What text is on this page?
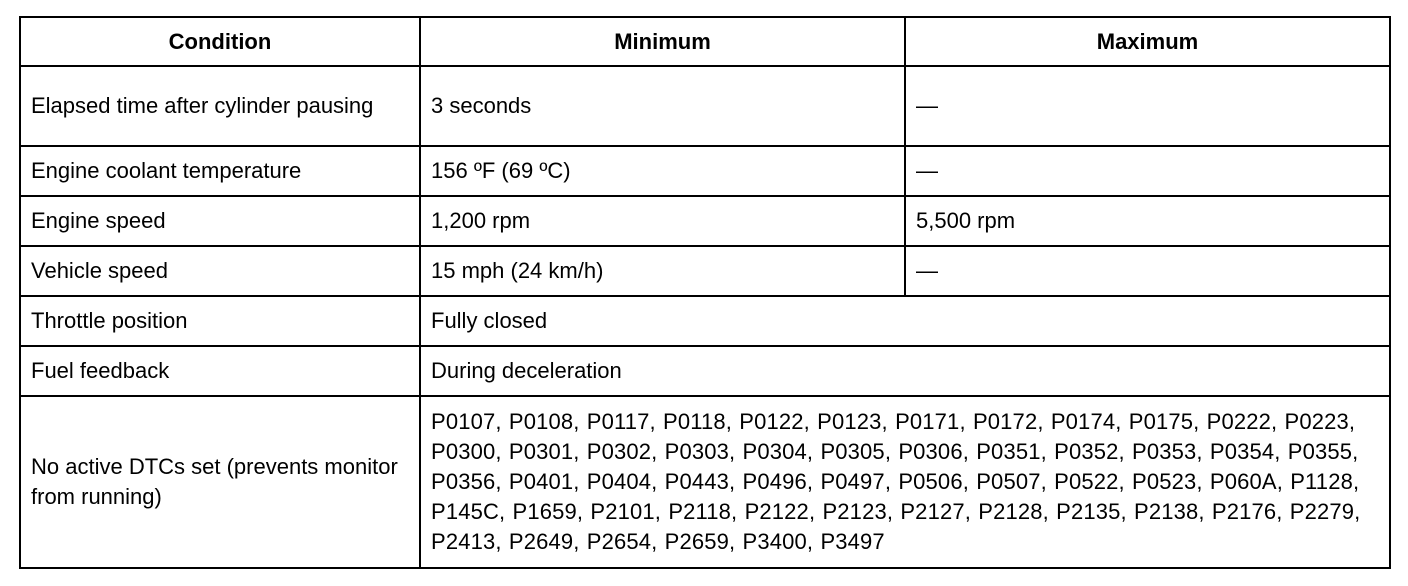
Condition	Minimum	Maximum
Elapsed time after cylinder pausing	3 seconds	—
Engine coolant temperature	156 ºF (69 ºC)	—
Engine speed	1,200 rpm	5,500 rpm
Vehicle speed	15 mph (24 km/h)	—
Throttle position	Fully closed	
Fuel feedback	During deceleration	
No active DTCs set (prevents monitor from running)	P0107, P0108, P0117, P0118, P0122, P0123, P0171, P0172, P0174, P0175, P0222, P0223, P0300, P0301, P0302, P0303, P0304, P0305, P0306, P0351, P0352, P0353, P0354, P0355, P0356, P0401, P0404, P0443, P0496, P0497, P0506, P0507, P0522, P0523, P060A, P1128, P145C, P1659, P2101, P2118, P2122, P2123, P2127, P2128, P2135, P2138, P2176, P2279, P2413, P2649, P2654, P2659, P3400, P3497	
